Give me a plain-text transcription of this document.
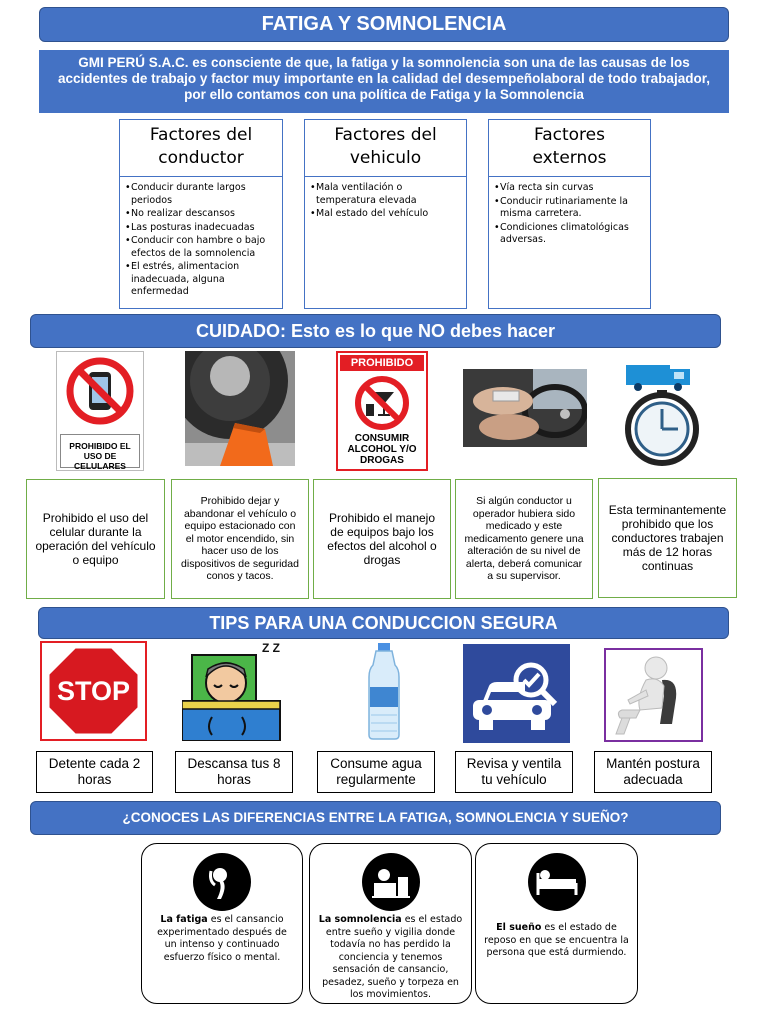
FATIGA Y SOMNOLENCIA
GMI PERÚ S.A.C. es consciente de que, la fatiga y la somnolencia son una de las causas de los accidentes de trabajo y factor muy importante en la calidad del desempeñolaboral de todo trabajador, por ello contamos con una política de Fatiga y la Somnolencia
Factores del
conductor
• Conducir durante largos periodos
• No realizar descansos
• Las posturas inadecuadas
• Conducir con hambre o bajo efectos de la somnolencia
• El estrés, alimentacion inadecuada, alguna enfermedad
Factores del
vehiculo
• Mala ventilación o temperatura elevada
• Mal estado del vehículo
Factores
externos
• Vía recta sin curvas
• Conducir rutinariamente la misma carretera.
• Condiciones climatológicas adversas.
CUIDADO: Esto es lo que NO debes hacer
PROHIBIDO EL USO DE CELULARES
PROHIBIDO
CONSUMIR ALCOHOL Y/O DROGAS
Prohibido el uso del celular durante la operación del vehículo o equipo
Prohibido dejar y abandonar el vehículo o equipo estacionado con el motor encendido, sin hacer uso de los dispositivos de seguridad conos y tacos.
Prohibido el manejo de equipos bajo los efectos del alcohol o drogas
Si algún conductor u operador hubiera sido medicado y este medicamento genere una alteración de su nivel de alerta, deberá comunicar a su supervisor.
Esta terminantemente prohibido que los conductores trabajen más de 12 horas continuas
TIPS PARA UNA CONDUCCION SEGURA
STOP
Z Z
Detente cada 2 horas
Descansa tus 8 horas
Consume agua regularmente
Revisa y ventila tu vehículo
Mantén postura adecuada
¿CONOCES LAS DIFERENCIAS ENTRE LA FATIGA, SOMNOLENCIA Y SUEÑO?
La fatiga es el cansancio experimentado después de un intenso y continuado esfuerzo físico o mental.
La somnolencia es el estado entre sueño y vigilia donde todavía no has perdido la conciencia y tenemos sensación de cansancio, pesadez, sueño y torpeza en los movimientos.
El sueño es el estado de reposo en que se encuentra la persona que está durmiendo.
